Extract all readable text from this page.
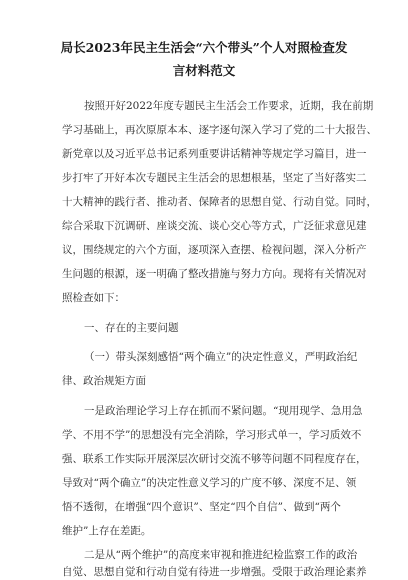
局长2023年民主生活会“六个带头”个人对照检查发
言材料范文
按照开好2022年度专题民主生活会工作要求，近期，我在前期
学习基础上，再次原原本本、逐字逐句深入学习了党的二十大报告、
新党章以及习近平总书记系列重要讲话精神等规定学习篇目，进一
步打牢了开好本次专题民主生活会的思想根基，坚定了当好落实二
十大精神的践行者、推动者、保障者的思想自觉、行动自觉。同时，
综合采取下沉调研、座谈交流、谈心交心等方式，广泛征求意见建
议，围绕规定的六个方面，逐项深入查摆、检视问题，深入分析产
生问题的根源，逐一明确了整改措施与努力方向。现将有关情况对
照检查如下：
一、存在的主要问题
（一）带头深刻感悟“两个确立”的决定性意义，严明政治纪
律、政治规矩方面
一是政治理论学习上存在抓而不紧问题。“现用现学、急用急
学、不用不学”的思想没有完全消除，学习形式单一，学习质效不
强、联系工作实际开展深层次研讨交流不够等问题不同程度存在，
导致对“两个确立”的决定性意义学习的广度不够、深度不足、领
悟不透彻，在增强“四个意识”、坚定“四个自信”、做到“两个
维护”上存在差距。
二是从“两个维护”的高度来审视和推进纪检监察工作的政治
自觉、思想自觉和行动自觉有待进一步增强。受限于政治理论素养
